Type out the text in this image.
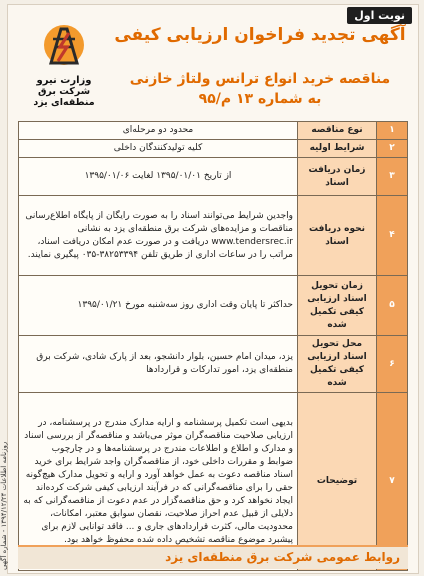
نوبت اول
آگهی تجدید فراخوان ارزیابی کیفی
مناقصه خرید انواع ترانس ولتاژ خازنی
به شماره ۱۳ م/۹۵
وزارت نیرو
شرکت برق منطقه‌ای یزد
۱	نوع مناقصه	محدود دو مرحله‌ای
۲	شرایط اولیه	کلیه تولیدکنندگان داخلی
۳	زمان دریافت اسناد	از تاریخ ۱۳۹۵/۰۱/۰۱ لغایت ۱۳۹۵/۰۱/۰۶
۴	نحوه دریافت اسناد	واجدین شرایط می‌توانند اسناد را به صورت رایگان از پایگاه اطلاع‌رسانی مناقصات و مزایده‌های شرکت برق منطقه‌ای یزد به نشانی www.tendersrec.ir دریافت و در صورت عدم امکان دریافت اسناد، مراتب را در ساعات اداری از طریق تلفن ۳۸۲۵۳۳۹۴-۰۳۵ پیگیری نمایند.
۵	زمان تحویل اسناد ارزیابی کیفی تکمیل شده	حداکثر تا پایان وقت اداری روز سه‌شنبه مورخ ۱۳۹۵/۰۱/۲۱
۶	محل تحویل اسناد ارزیابی کیفی تکمیل شده	یزد، میدان امام حسین، بلوار دانشجو، بعد از پارک شادی، شرکت برق منطقه‌ای یزد، امور تدارکات و قراردادها
۷	توضیحات	بدیهی است تکمیل پرسشنامه و ارایه مدارک مندرج در پرسشنامه، در ارزیابی صلاحیت مناقصه‌گران موثر می‌باشد و مناقصه‌گر از بررسی اسناد و مدارک و اطلاع و اطلاعات مندرج در پرسشنامه‌ها و در چارچوب ضوابط و مقررات داخلی خود، از مناقصه‌گران واجد شرایط برای خرید اسناد مناقصه دعوت به عمل خواهد آورد و ارایه و تحویل مدارک هیچ‌گونه حقی را برای مناقصه‌گرانی که در فرآیند ارزیابی کیفی شرکت کرده‌اند ایجاد نخواهد کرد و حق مناقصه‌گزار در عدم دعوت از مناقصه‌گرانی که به دلایلی از قبیل عدم احراز صلاحیت، نقصان سوابق معتبر، امکانات، محدودیت مالی، کثرت قراردادهای جاری و ... فاقد توانایی لازم برای پیشبرد موضوع مناقصه تشخیص داده شده محفوظ خواهد بود.
روابط عمومی شرکت برق منطقه‌ای یزد
روزنامه اطلاعات ۱۳۹۴/۱۲/۲۴ - شماره آگهی
